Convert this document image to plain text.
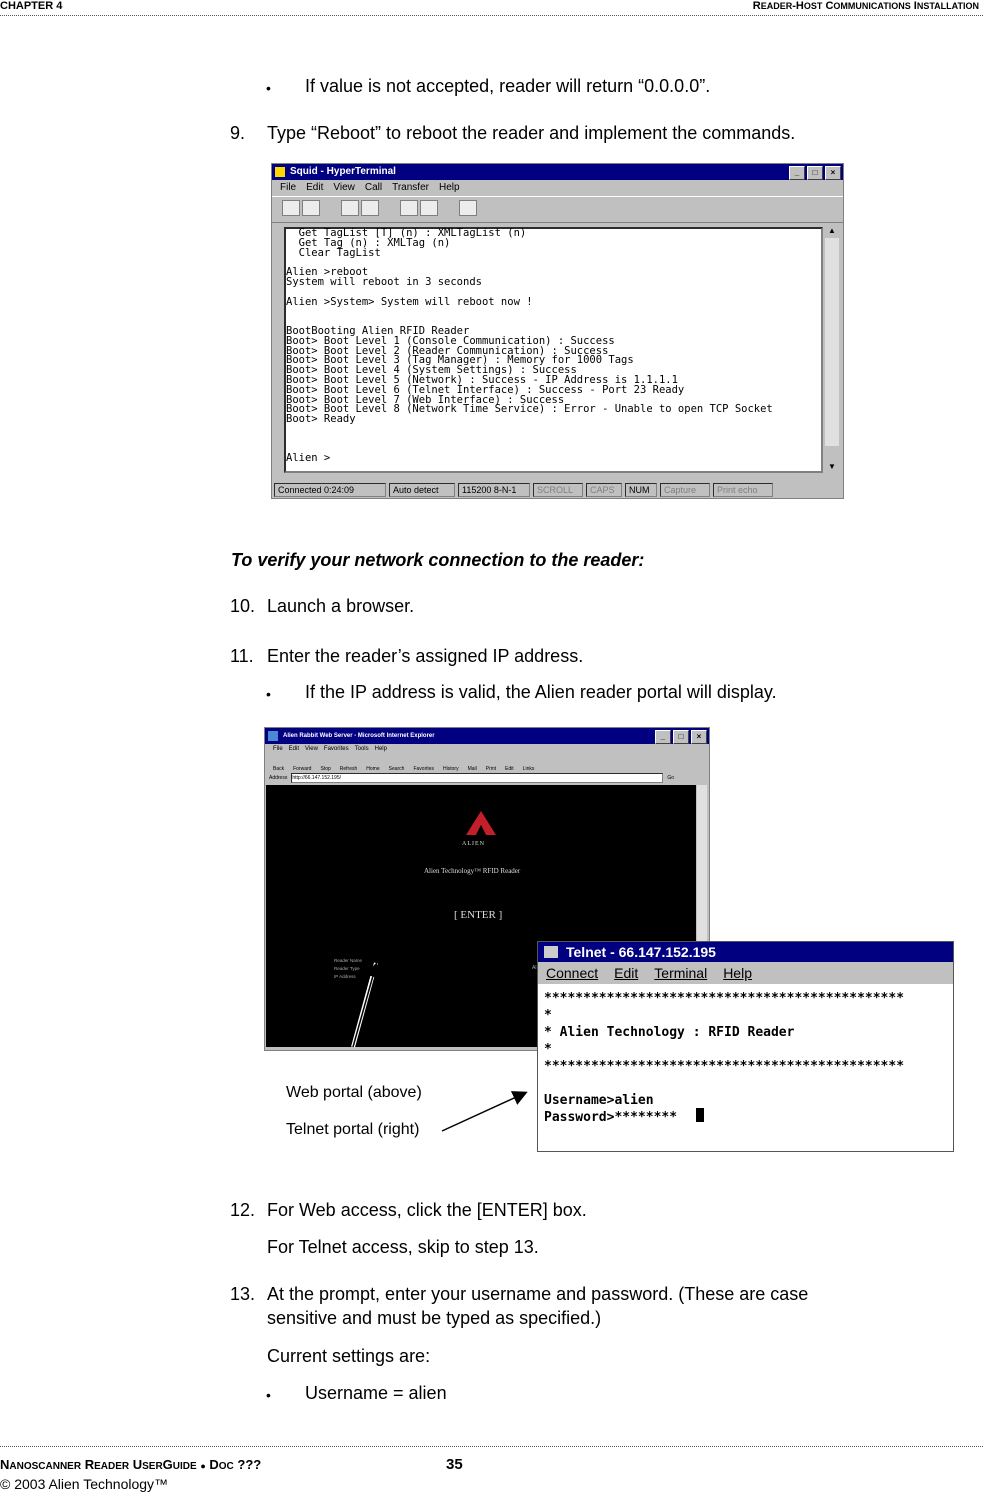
CHAPTER 4	READER-HOST COMMUNICATIONS INSTALLATION
• If value is not accepted, reader will return “0.0.0.0”.
9. Type “Reboot” to reboot the reader and implement the commands.
Squid - HyperTerminal	_	□	×
File Edit View Call Transfer Help

Get TagList [T] (n) : XMLTagList (n)
Get Tag (n) : XMLTag (n)
Clear TagList

Alien >reboot
System will reboot in 3 seconds

Alien >System> System will reboot now !

BootBooting Alien RFID Reader
Boot> Boot Level 1 (Console Communication) : Success
Boot> Boot Level 2 (Reader Communication) : Success
Boot> Boot Level 3 (Tag Manager) : Memory for 1000 Tags
Boot> Boot Level 4 (System Settings) : Success
Boot> Boot Level 5 (Network) : Success - IP Address is 1.1.1.1
Boot> Boot Level 6 (Telnet Interface) : Success - Port 23 Ready
Boot> Boot Level 7 (Web Interface) : Success
Boot> Boot Level 8 (Network Time Service) : Error - Unable to open TCP Socket
Boot> Ready

Alien >
▲
▼
Connected 0:24:09	Auto detect	115200 8-N-1	SCROLL	CAPS	NUM	Capture	Print echo
To verify your network connection to the reader:
10. Launch a browser.
11. Enter the reader’s assigned IP address.
• If the IP address is valid, the Alien reader portal will display.
Alien Rabbit Web Server - Microsoft Internet Explorer	_	□	×
File Edit View Favorites Tools Help
Back Forward Stop Refresh Home Search Favorites History Mail Print Edit Links
Address http://66.147.152.195/	Go
ALIEN
Alien Technology™ RFID Reader
[ ENTER ]
Reader Name
Reader Type
IP Address
Al
Telnet - 66.147.152.195
Connect Edit Terminal Help
**********************************************
*
* Alien Technology : RFID Reader
*
**********************************************

Username>alien
Password>********
Web portal (above)
Telnet portal (right)
12. For Web access, click the [ENTER] box.
For Telnet access, skip to step 13.
13. At the prompt, enter your username and password. (These are case
sensitive and must be typed as specified.)
Current settings are:
• Username = alien
NANOSCANNER READER USERGUIDE ● DOC ???	35
© 2003 Alien Technology™
